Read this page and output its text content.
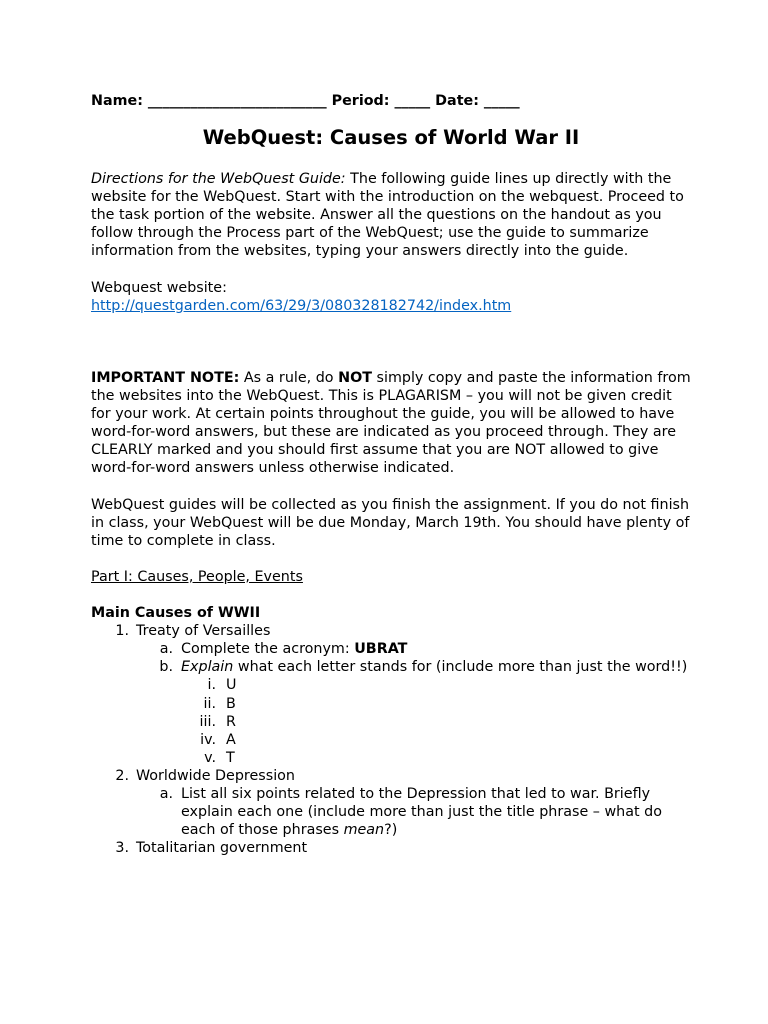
Name: _________________________ Period: _____ Date: _____

WebQuest: Causes of World War II

Directions for the WebQuest Guide: The following guide lines up directly with the website for the WebQuest. Start with the introduction on the webquest. Proceed to the task portion of the website. Answer all the questions on the handout as you follow through the Process part of the WebQuest; use the guide to summarize information from the websites, typing your answers directly into the guide.

Webquest website:

http://questgarden.com/63/29/3/080328182742/index.htm

IMPORTANT NOTE: As a rule, do NOT simply copy and paste the information from the websites into the WebQuest. This is PLAGARISM – you will not be given credit for your work. At certain points throughout the guide, you will be allowed to have word-for-word answers, but these are indicated as you proceed through. They are CLEARLY marked and you should first assume that you are NOT allowed to give word-for-word answers unless otherwise indicated.

WebQuest guides will be collected as you finish the assignment. If you do not finish in class, your WebQuest will be due Monday, March 19th. You should have plenty of time to complete in class.

Part I: Causes, People, Events

Main Causes of WWII

1. Treaty of Versailles
a. Complete the acronym: UBRAT
b. Explain what each letter stands for (include more than just the word!!)
i. U
ii. B
iii. R
iv. A
v. T
2. Worldwide Depression
a. List all six points related to the Depression that led to war. Briefly explain each one (include more than just the title phrase – what do each of those phrases mean?)
3. Totalitarian government
